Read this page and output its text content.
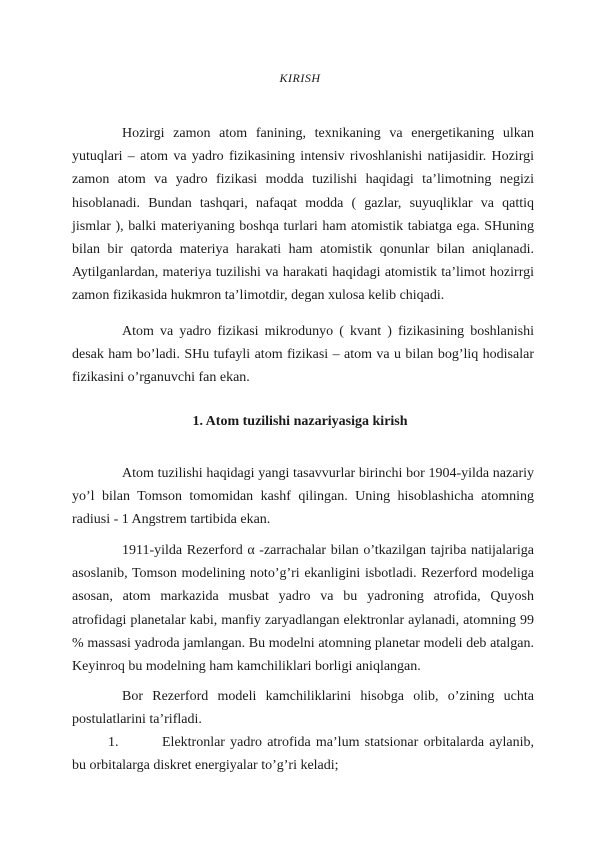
KIRISH

Hozirgi zamon atom fanining, texnikaning va energetikaning ulkan yutuqlari – atom va yadro fizikasining intensiv rivoshlanishi natijasidir. Hozirgi zamon atom va yadro fizikasi modda tuzilishi haqidagi ta’limotning negizi hisoblanadi. Bundan tashqari, nafaqat modda ( gazlar, suyuqliklar va qattiq jismlar ), balki materiyaning boshqa turlari ham atomistik tabiatga ega. SHuning bilan bir qatorda materiya harakati ham atomistik qonunlar bilan aniqlanadi. Aytilganlardan, materiya tuzilishi va harakati haqidagi atomistik ta’limot hozirrgi zamon fizikasida hukmron ta’limotdir, degan xulosa kelib chiqadi.

Atom va yadro fizikasi mikrodunyo ( kvant ) fizikasining boshlanishi desak ham bo’ladi. SHu tufayli atom fizikasi – atom va u bilan bog’liq hodisalar fizikasini o’rganuvchi fan ekan.

1. Atom tuzilishi nazariyasiga kirish

Atom tuzilishi haqidagi yangi tasavvurlar birinchi bor 1904-yilda nazariy yo’l bilan Tomson tomomidan kashf qilingan. Uning hisoblashicha atomning radiusi - 1 Angstrem tartibida ekan.

1911-yilda Rezerford α -zarrachalar bilan o’tkazilgan tajriba natijalariga asoslanib, Tomson modelining noto’g’ri ekanligini isbotladi. Rezerford modeliga asosan, atom markazida musbat yadro va bu yadroning atrofida, Quyosh atrofidagi planetalar kabi, manfiy zaryadlangan elektronlar aylanadi, atomning 99 % massasi yadroda jamlangan. Bu modelni atomning planetar modeli deb atalgan. Keyinroq bu modelning ham kamchiliklari borligi aniqlangan.

Bor Rezerford modeli kamchiliklarini hisobga olib, o’zining uchta postulatlarini ta’rifladi.

1.	Elektronlar yadro atrofida ma’lum statsionar orbitalarda aylanib, bu orbitalarga diskret energiyalar to’g’ri keladi;
